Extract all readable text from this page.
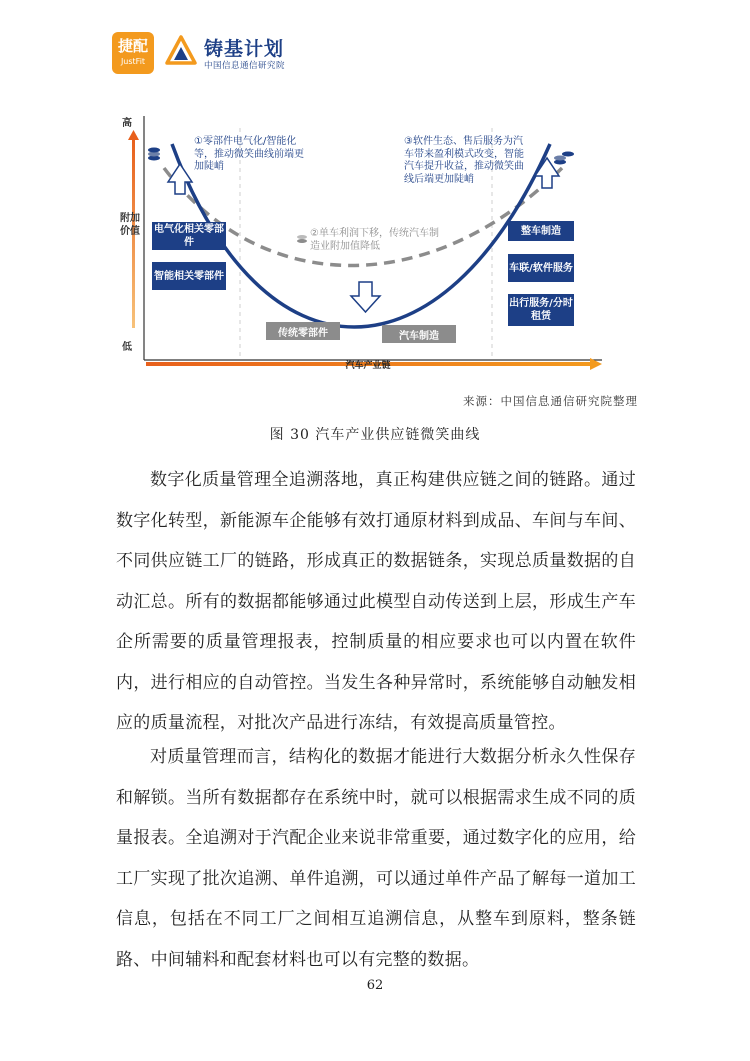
捷配
JustFit
铸基计划
中国信息通信研究院
高
附加价值
低
①零部件电气化/智能化等，推动微笑曲线前端更加陡峭
②单车利润下移，传统汽车制造业附加值降低
③软件生态、售后服务为汽车带来盈利模式改变，智能汽车提升收益，推动微笑曲线后端更加陡峭
电气化相关零部件
智能相关零部件
传统零部件	汽车制造
整车制造
车联/软件服务
出行服务/分时租赁
汽车产业链
来源：中国信息通信研究院整理
图 30 汽车产业供应链微笑曲线

数字化质量管理全追溯落地，真正构建供应链之间的链路。通过数字化转型，新能源车企能够有效打通原材料到成品、车间与车间、不同供应链工厂的链路，形成真正的数据链条，实现总质量数据的自动汇总。所有的数据都能够通过此模型自动传送到上层，形成生产车企所需要的质量管理报表，控制质量的相应要求也可以内置在软件内，进行相应的自动管控。当发生各种异常时，系统能够自动触发相应的质量流程，对批次产品进行冻结，有效提高质量管控。

对质量管理而言，结构化的数据才能进行大数据分析永久性保存和解锁。当所有数据都存在系统中时，就可以根据需求生成不同的质量报表。全追溯对于汽配企业来说非常重要，通过数字化的应用，给工厂实现了批次追溯、单件追溯，可以通过单件产品了解每一道加工信息，包括在不同工厂之间相互追溯信息，从整车到原料，整条链路、中间辅料和配套材料也可以有完整的数据。

62
